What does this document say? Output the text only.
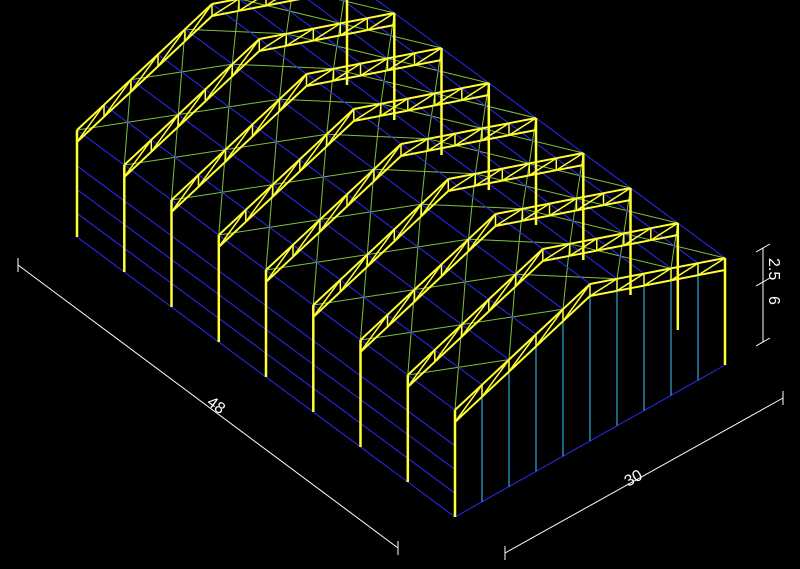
48
30
2.5
6
